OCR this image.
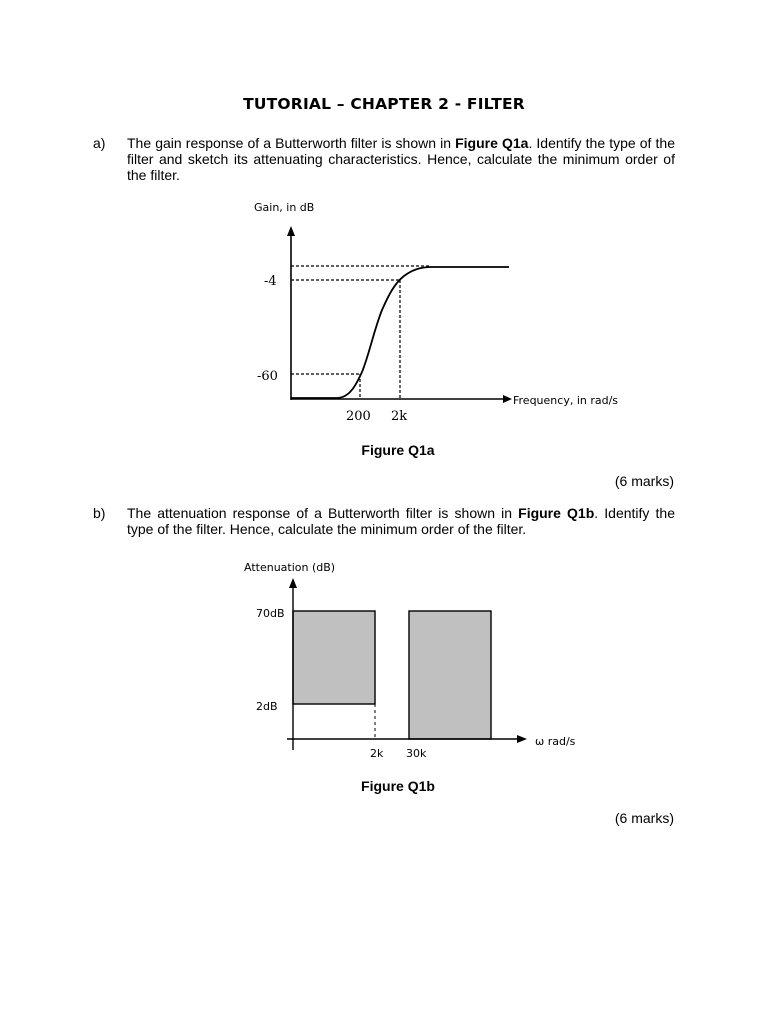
TUTORIAL – CHAPTER 2 - FILTER
a) The gain response of a Butterworth filter is shown in Figure Q1a. Identify the type of the filter and sketch its attenuating characteristics. Hence, calculate the minimum order of the filter.
Gain, in dB
Frequency, in rad/s
-4
-60
200 2k
Figure Q1a
(6 marks)
b) The attenuation response of a Butterworth filter is shown in Figure Q1b. Identify the type of the filter. Hence, calculate the minimum order of the filter.
Attenuation (dB)
ω rad/s
70dB
2dB
2k 30k
Figure Q1b
(6 marks)
